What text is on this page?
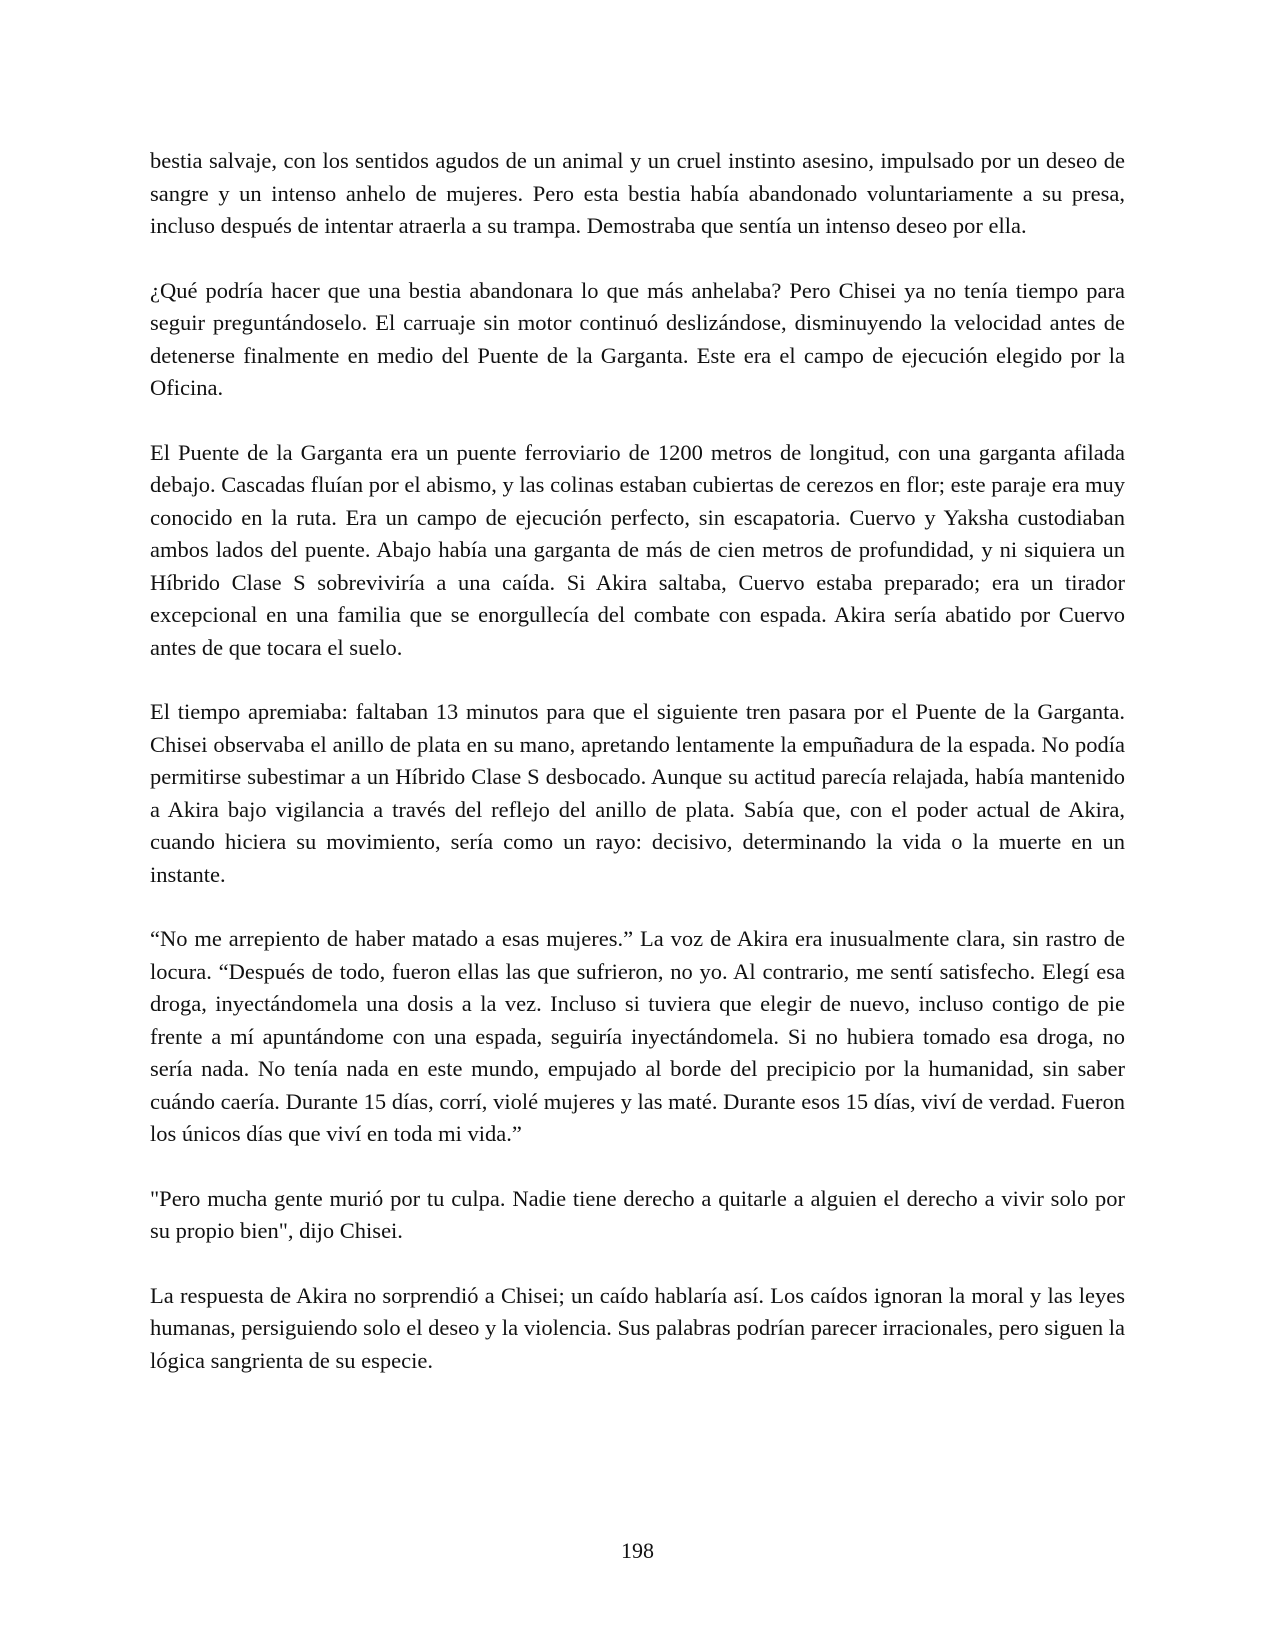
bestia salvaje, con los sentidos agudos de un animal y un cruel instinto asesino, impulsado por un deseo de sangre y un intenso anhelo de mujeres. Pero esta bestia había abandonado voluntariamente a su presa, incluso después de intentar atraerla a su trampa. Demostraba que sentía un intenso deseo por ella.

¿Qué podría hacer que una bestia abandonara lo que más anhelaba? Pero Chisei ya no tenía tiempo para seguir preguntándoselo. El carruaje sin motor continuó deslizándose, disminuyendo la velocidad antes de detenerse finalmente en medio del Puente de la Garganta. Este era el campo de ejecución elegido por la Oficina.

El Puente de la Garganta era un puente ferroviario de 1200 metros de longitud, con una garganta afilada debajo. Cascadas fluían por el abismo, y las colinas estaban cubiertas de cerezos en flor; este paraje era muy conocido en la ruta. Era un campo de ejecución perfecto, sin escapatoria. Cuervo y Yaksha custodiaban ambos lados del puente. Abajo había una garganta de más de cien metros de profundidad, y ni siquiera un Híbrido Clase S sobreviviría a una caída. Si Akira saltaba, Cuervo estaba preparado; era un tirador excepcional en una familia que se enorgullecía del combate con espada. Akira sería abatido por Cuervo antes de que tocara el suelo.

El tiempo apremiaba: faltaban 13 minutos para que el siguiente tren pasara por el Puente de la Garganta. Chisei observaba el anillo de plata en su mano, apretando lentamente la empuñadura de la espada. No podía permitirse subestimar a un Híbrido Clase S desbocado. Aunque su actitud parecía relajada, había mantenido a Akira bajo vigilancia a través del reflejo del anillo de plata. Sabía que, con el poder actual de Akira, cuando hiciera su movimiento, sería como un rayo: decisivo, determinando la vida o la muerte en un instante.

“No me arrepiento de haber matado a esas mujeres.” La voz de Akira era inusualmente clara, sin rastro de locura. “Después de todo, fueron ellas las que sufrieron, no yo. Al contrario, me sentí satisfecho. Elegí esa droga, inyectándomela una dosis a la vez. Incluso si tuviera que elegir de nuevo, incluso contigo de pie frente a mí apuntándome con una espada, seguiría inyectándomela. Si no hubiera tomado esa droga, no sería nada. No tenía nada en este mundo, empujado al borde del precipicio por la humanidad, sin saber cuándo caería. Durante 15 días, corrí, violé mujeres y las maté. Durante esos 15 días, viví de verdad. Fueron los únicos días que viví en toda mi vida.”

"Pero mucha gente murió por tu culpa. Nadie tiene derecho a quitarle a alguien el derecho a vivir solo por su propio bien", dijo Chisei.

La respuesta de Akira no sorprendió a Chisei; un caído hablaría así. Los caídos ignoran la moral y las leyes humanas, persiguiendo solo el deseo y la violencia. Sus palabras podrían parecer irracionales, pero siguen la lógica sangrienta de su especie.

198
